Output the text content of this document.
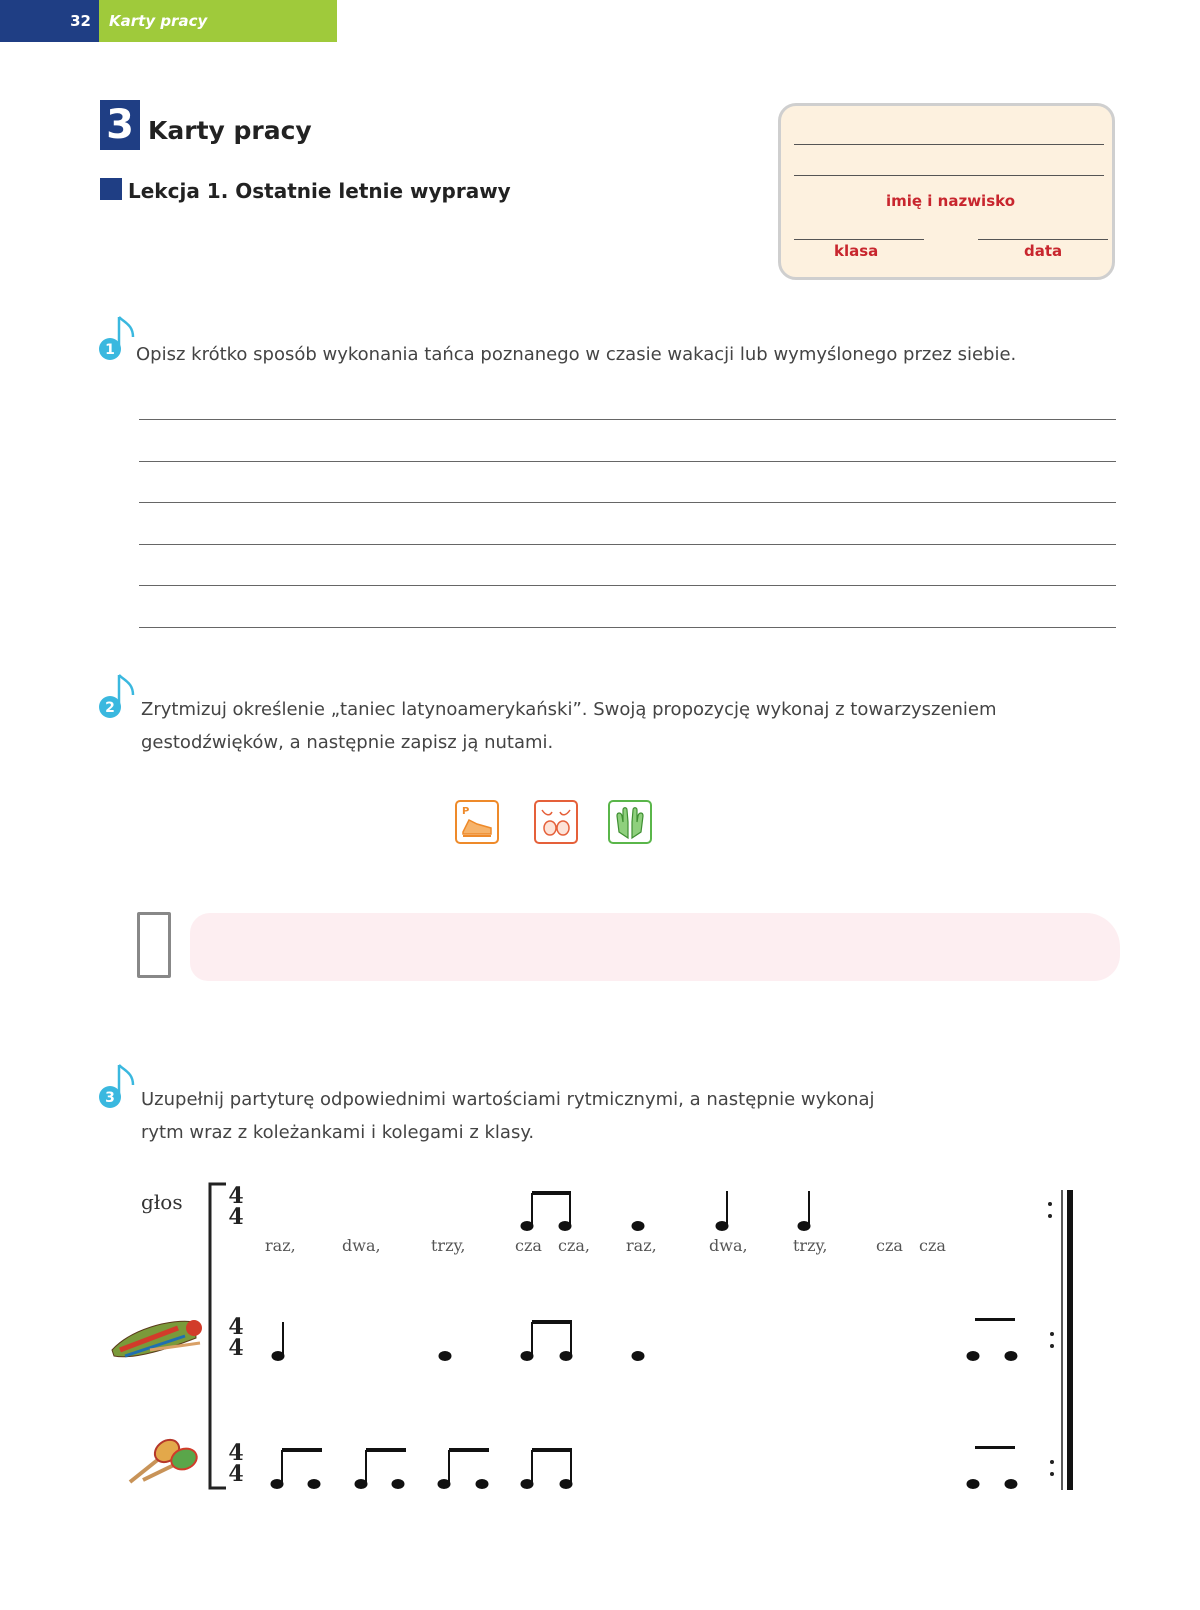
32	Karty pracy
3 Karty pracy
Lekcja 1. Ostatnie letnie wyprawy	imię i nazwisko
klasa	data
1 Opisz krótko sposób wykonania tańca poznanego w czasie wakacji lub wymyślonego przez siebie.
2 Zrytmizuj określenie „taniec latynoamerykański”. Swoją propozycję wykonaj z towarzyszeniem
gestodźwięków, a następnie zapisz ją nutami.
P
3 Uzupełnij partyturę odpowiednimi wartościami rytmicznymi, a następnie wykonaj
rytm wraz z koleżankami i kolegami z klasy.
głos 4
4
4
4
4
4
raz,	dwa,	trzy,	cza cza, raz,	dwa,	trzy,	cza cza
